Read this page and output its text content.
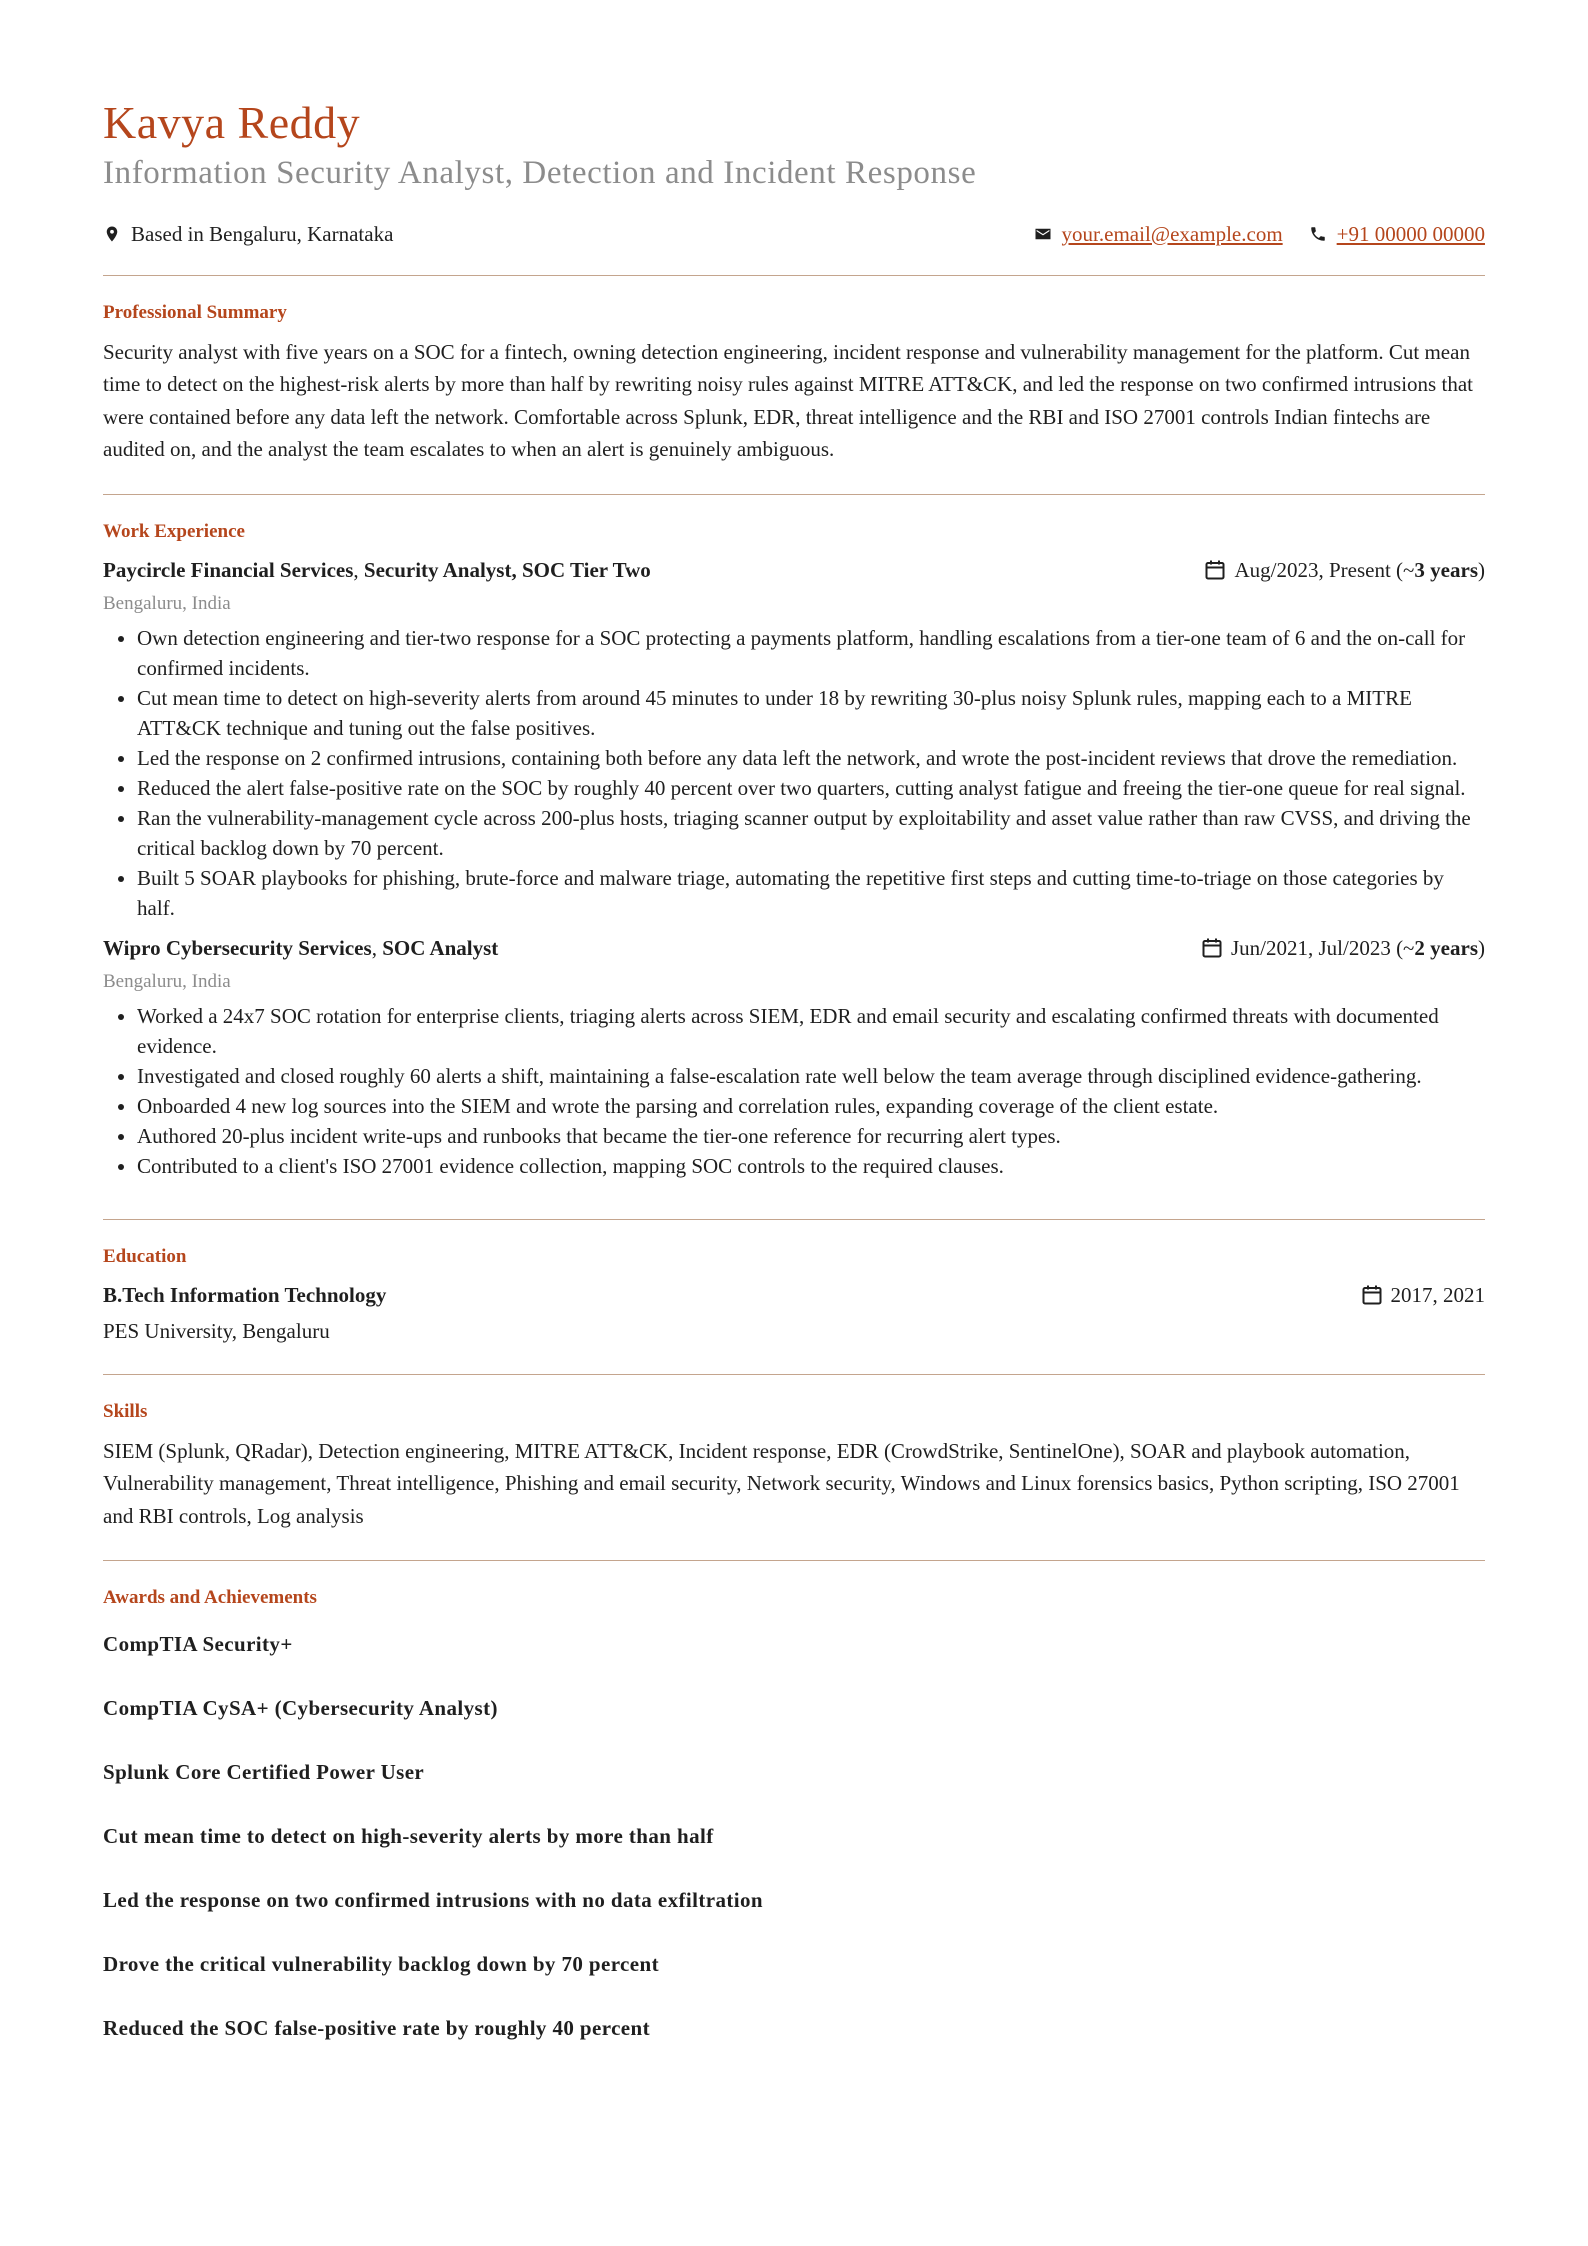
Kavya Reddy
Information Security Analyst, Detection and Incident Response
Based in Bengaluru, Karnataka	your.email@example.com	+91 00000 00000
Professional Summary

Security analyst with five years on a SOC for a fintech, owning detection engineering, incident response and vulnerability management for the platform. Cut mean time to detect on the highest-risk alerts by more than half by rewriting noisy rules against MITRE ATT&CK, and led the response on two confirmed intrusions that were contained before any data left the network. Comfortable across Splunk, EDR, threat intelligence and the RBI and ISO 27001 controls Indian fintechs are audited on, and the analyst the team escalates to when an alert is genuinely ambiguous.

Work Experience
Paycircle Financial Services, Security Analyst, SOC Tier Two	Aug/2023, Present (~ 3 years )
Bengaluru, India
• Own detection engineering and tier-two response for a SOC protecting a payments platform, handling escalations from a tier-one team of 6 and the on-call for confirmed incidents.
• Cut mean time to detect on high-severity alerts from around 45 minutes to under 18 by rewriting 30-plus noisy Splunk rules, mapping each to a MITRE ATT&CK technique and tuning out the false positives.
• Led the response on 2 confirmed intrusions, containing both before any data left the network, and wrote the post-incident reviews that drove the remediation.
• Reduced the alert false-positive rate on the SOC by roughly 40 percent over two quarters, cutting analyst fatigue and freeing the tier-one queue for real signal.
• Ran the vulnerability-management cycle across 200-plus hosts, triaging scanner output by exploitability and asset value rather than raw CVSS, and driving the critical backlog down by 70 percent.
• Built 5 SOAR playbooks for phishing, brute-force and malware triage, automating the repetitive first steps and cutting time-to-triage on those categories by half.
Wipro Cybersecurity Services, SOC Analyst	Jun/2021, Jul/2023 (~ 2 years )
Bengaluru, India
• Worked a 24x7 SOC rotation for enterprise clients, triaging alerts across SIEM, EDR and email security and escalating confirmed threats with documented evidence.
• Investigated and closed roughly 60 alerts a shift, maintaining a false-escalation rate well below the team average through disciplined evidence-gathering.
• Onboarded 4 new log sources into the SIEM and wrote the parsing and correlation rules, expanding coverage of the client estate.
• Authored 20-plus incident write-ups and runbooks that became the tier-one reference for recurring alert types.
• Contributed to a client's ISO 27001 evidence collection, mapping SOC controls to the required clauses.
Education
B.Tech Information Technology	2017, 2021
PES University, Bengaluru
Skills

SIEM (Splunk, QRadar), Detection engineering, MITRE ATT&CK, Incident response, EDR (CrowdStrike, SentinelOne), SOAR and playbook automation, Vulnerability management, Threat intelligence, Phishing and email security, Network security, Windows and Linux forensics basics, Python scripting, ISO 27001 and RBI controls, Log analysis

Awards and Achievements
CompTIA Security+
CompTIA CySA+ (Cybersecurity Analyst)
Splunk Core Certified Power User
Cut mean time to detect on high-severity alerts by more than half
Led the response on two confirmed intrusions with no data exfiltration
Drove the critical vulnerability backlog down by 70 percent
Reduced the SOC false-positive rate by roughly 40 percent
